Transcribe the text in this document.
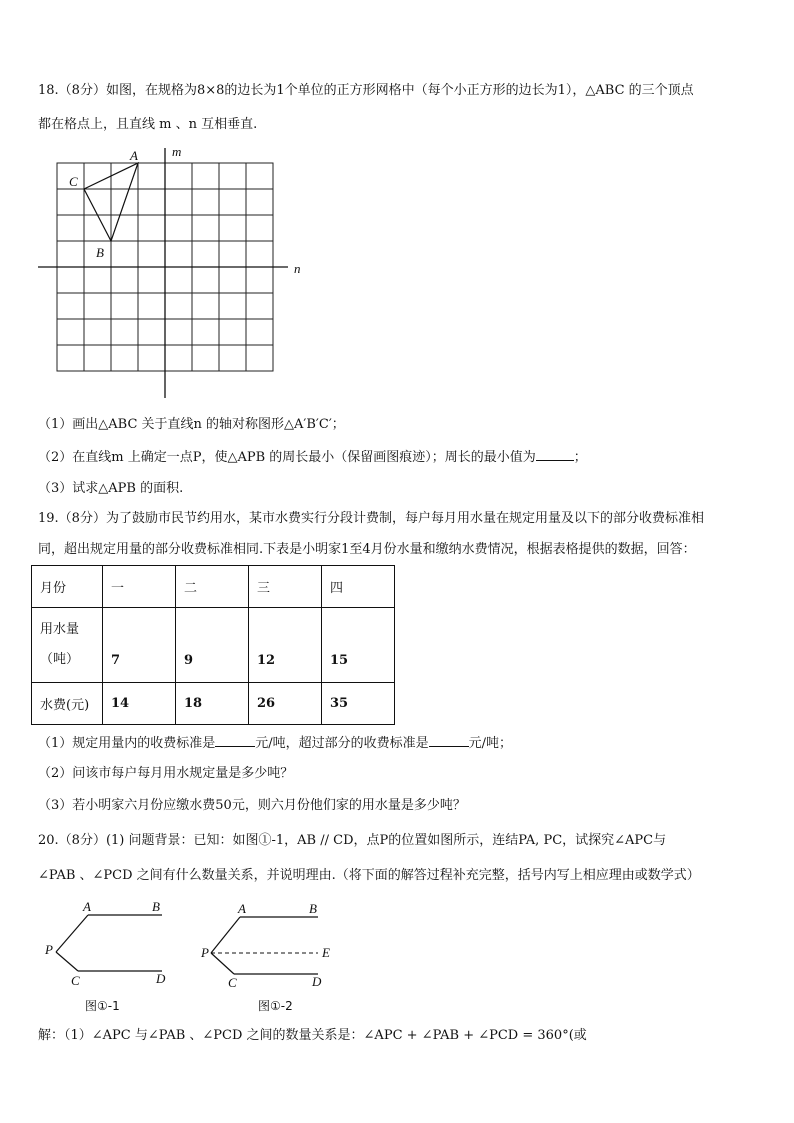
18.（8分）如图，在规格为8×8的边长为1个单位的正方形网格中（每个小正方形的边长为1），△ABC 的三个顶点
都在格点上，且直线 m 、n 互相垂直.
A
C
B
m
n
（1）画出△ABC 关于直线n 的轴对称图形△A′B′C′；
（2）在直线m 上确定一点P，使△APB 的周长最小（保留画图痕迹）；周长的最小值为	；
（3）试求△APB 的面积.
19.（8分）为了鼓励市民节约用水，某市水费实行分段计费制，每户每月用水量在规定用量及以下的部分收费标准相
同，超出规定用量的部分收费标准相同.下表是小明家1至4月份水量和缴纳水费情况，根据表格提供的数据，回答：
月份	一	二	三	四

用水量
（吨）	7	9	12	15
水费(元)	14	18	26	35
（1）规定用量内的收费标准是	元/吨，超过部分的收费标准是	元/吨；
（2）问该市每户每月用水规定量是多少吨？
（3）若小明家六月份应缴水费50元，则六月份他们家的用水量是多少吨？
20.（8分）(1) 问题背景：已知：如图①-1，AB // CD，点P的位置如图所示，连结PA, PC，试探究∠APC与
∠PAB 、∠PCD 之间有什么数量关系，并说明理由.（将下面的解答过程补充完整，括号内写上相应理由或数学式）
A	B
P
C	D
图①-1
A	B
P	E
C	D
图①-2
解：（1）∠APC 与∠PAB 、∠PCD 之间的数量关系是：∠APC + ∠PAB + ∠PCD = 360°(或
